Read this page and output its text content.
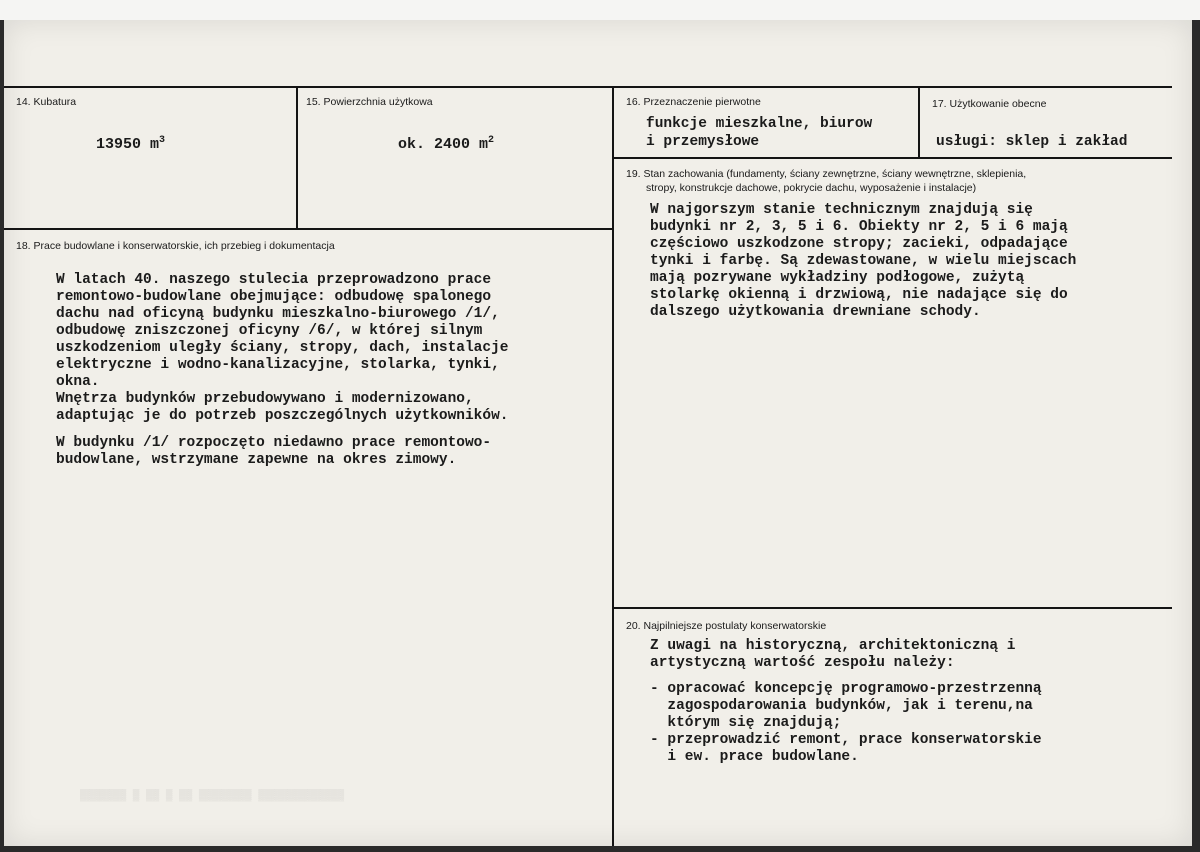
▓▓▓▓▓▓▓ ▓ ▓▓ ▓ ▓▓ ▓▓▓▓▓▓▓▓ ▓▓▓▓▓▓▓▓▓▓▓▓▓
14. Kubatura
13950 $m^3$
15. Powierzchnia użytkowa
ok. 2400 $m^2$
16. Przeznaczenie pierwotne
funkcje mieszkalne, biurow
i przemysłowe
17. Użytkowanie obecne
usługi: sklep i zakład
18. Prace budowlane i konserwatorskie, ich przebieg i dokumentacja
W latach 40. naszego stulecia przeprowadzono prace
remontowo-budowlane obejmujące: odbudowę spalonego
dachu nad oficyną budynku mieszkalno-biurowego /1/,
odbudowę zniszczonej oficyny /6/, w której silnym
uszkodzeniom uległy ściany, stropy, dach, instalacje
elektryczne i wodno-kanalizacyjne, stolarka, tynki,
okna.
Wnętrza budynków przebudowywano i modernizowano,
adaptując je do potrzeb poszczególnych użytkowników.
W budynku /1/ rozpoczęto niedawno prace remontowo-
budowlane, wstrzymane zapewne na okres zimowy.
19. Stan zachowania (fundamenty, ściany zewnętrzne, ściany wewnętrzne, sklepienia,
stropy, konstrukcje dachowe, pokrycie dachu, wyposażenie i instalacje)
W najgorszym stanie technicznym znajdują się
budynki nr 2, 3, 5 i 6. Obiekty nr 2, 5 i 6 mają
częściowo uszkodzone stropy; zacieki, odpadające
tynki i farbę. Są zdewastowane, w wielu miejscach
mają pozrywane wykładziny podłogowe, zużytą
stolarkę okienną i drzwiową, nie nadające się do
dalszego użytkowania drewniane schody.
20. Najpilniejsze postulaty konserwatorskie
Z uwagi na historyczną, architektoniczną i
artystyczną wartość zespołu należy:
- opracować koncepcję programowo-przestrzenną
zagospodarowania budynków, jak i terenu,na
którym się znajdują;
- przeprowadzić remont, prace konserwatorskie
i ew. prace budowlane.
